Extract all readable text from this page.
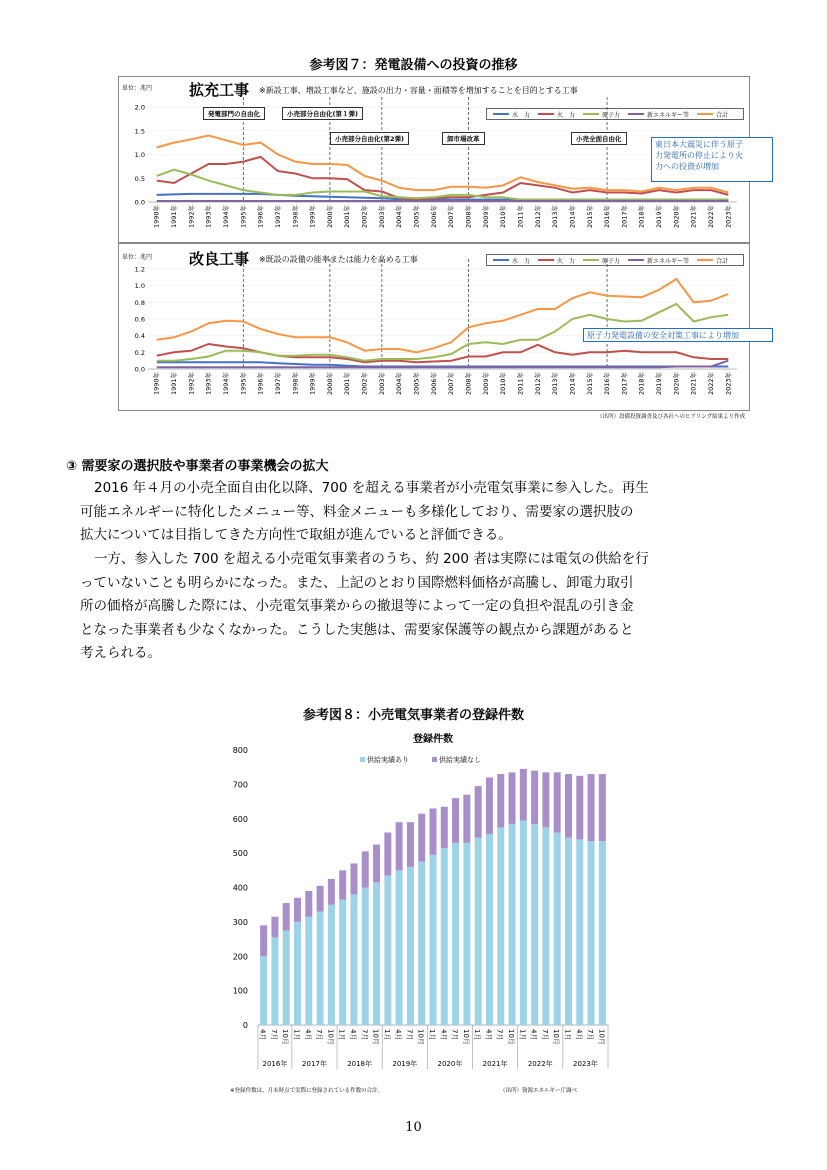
参考図７：発電設備への投資の推移
単位：兆円 拡充工事 ※新設工事、増設工事など、施設の出力・容量・面積等を増加することを目的とする工事
水　力	火　力	原子力	新エネルギー等	合計
0.0
0.5
1.0
1.5
2.0
1990年 1991年 1992年 1993年 1994年 1995年 1996年 1997年 1998年 1999年 2000年 2001年 2002年 2003年 2004年 2005年 2006年 2007年 2008年 2009年 2010年 2011年 2012年 2013年 2014年 2015年 2016年 2017年 2018年 2019年 2020年 2021年 2022年 2023年
発電部門の自由化	小売部分自由化(第１弾)
小売部分自由化(第2弾)	卸市場改革	小売全面自由化
東日本大震災に伴う原子
力発電所の停止により火
力への投資が増加
単位：兆円 改良工事 ※既設の設備の能率または能力を高める工事	水　力	火　力	原子力	新エネルギー等	合計
0.0
0.2
0.4
0.6
0.8
1.0
1.2
1990年 1991年 1992年 1993年 1994年 1995年 1996年 1997年 1998年 1999年 2000年 2001年 2002年 2003年 2004年 2005年 2006年 2007年 2008年 2009年 2010年 2011年 2012年 2013年 2014年 2015年 2016年 2017年 2018年 2019年 2020年 2021年 2022年 2023年
原子力発電設備の安全対策工事により増加
（出所）設備投資調査及び各社へのヒアリング結果より作成
③ 需要家の選択肢や事業者の事業機会の拡大
2016 年４月の小売全面自由化以降、700 を超える事業者が小売電気事業に参入した。再生
可能エネルギーに特化したメニュー等、料金メニューも多様化しており、需要家の選択肢の
拡大については目指してきた方向性で取組が進んでいると評価できる。
一方、参入した 700 を超える小売電気事業者のうち、約 200 者は実際には電気の供給を行
っていないことも明らかになった。また、上記のとおり国際燃料価格が高騰し、卸電力取引
所の価格が高騰した際には、小売電気事業からの撤退等によって一定の負担や混乱の引き金
となった事業者も少なくなかった。こうした実態は、需要家保護等の観点から課題があると
考えられる。
参考図８：小売電気事業者の登録件数
登録件数
供給実績あり	供給実績なし
0
100
200
300
400
500
600
700
800
4月 7月 10月 1月 4月 7月 10月 1月 4月 7月 10月 1月 4月 7月 10月 1月 4月 7月 10月 1月 4月 7月 10月 1月 4月 7月 10月 1月 4月 7月 10月
2016年 2017年	2018年	2019年	2020年	2021年	2022年	2023年
※登録件数は、月末時点で実際に登録されている件数の合計。	（出所）資源エネルギー庁調べ
10
